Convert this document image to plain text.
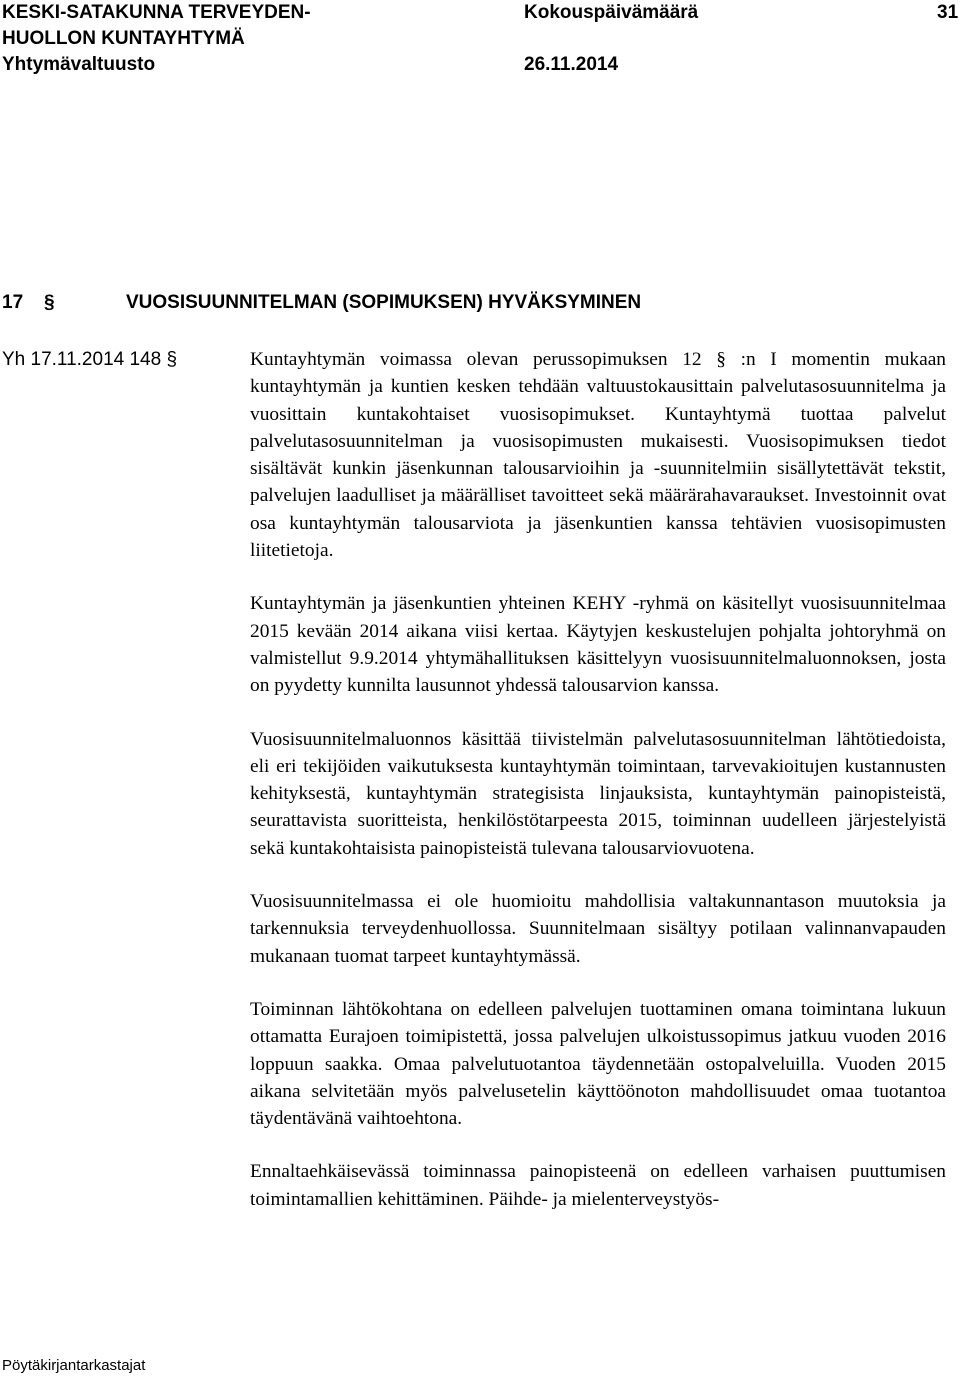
KESKI-SATAKUNNA TERVEYDEN-
HUOLLON KUNTAYHTYMÄ
Yhtymävaltuusto
Kokouspäivämäärä
26.11.2014
31
17 §	VUOSISUUNNITELMAN (SOPIMUKSEN) HYVÄKSYMINEN
Yh 17.11.2014 148 §	Kuntayhtymän voimassa olevan perussopimuksen 12 § :n I momentin mukaan kuntayhtymän ja kuntien kesken tehdään valtuustokausittain palvelutasosuunnitelma ja vuosittain kuntakohtaiset vuosisopimukset. Kuntayhtymä tuottaa palvelut palvelutasosuunnitelman ja vuosisopimusten mukaisesti. Vuosisopimuksen tiedot sisältävät kunkin jäsenkunnan talousarvioihin ja -suunnitelmiin sisällytettävät tekstit, palvelujen laadulliset ja määrälliset tavoitteet sekä määrärahavaraukset. Investoinnit ovat osa kuntayhtymän talousarviota ja jäsenkuntien kanssa tehtävien vuosisopimusten liitetietoja.

Kuntayhtymän ja jäsenkuntien yhteinen KEHY -ryhmä on käsitellyt vuosisuunnitelmaa 2015 kevään 2014 aikana viisi kertaa. Käytyjen keskustelujen pohjalta johtoryhmä on valmistellut 9.9.2014 yhtymähallituksen käsittelyyn vuosisuunnitelmaluonnoksen, josta on pyydetty kunnilta lausunnot yhdessä talousarvion kanssa.

Vuosisuunnitelmaluonnos käsittää tiivistelmän palvelutasosuunnitelman lähtötiedoista, eli eri tekijöiden vaikutuksesta kuntayhtymän toimintaan, tarvevakioitujen kustannusten kehityksestä, kuntayhtymän strategisista linjauksista, kuntayhtymän painopisteistä, seurattavista suoritteista, henkilöstötarpeesta 2015, toiminnan uudelleen järjestelyistä sekä kuntakohtaisista painopisteistä tulevana talousarviovuotena.

Vuosisuunnitelmassa ei ole huomioitu mahdollisia valtakunnantason muutoksia ja tarkennuksia terveydenhuollossa. Suunnitelmaan sisältyy potilaan valinnanvapauden mukanaan tuomat tarpeet kuntayhtymässä.

Toiminnan lähtökohtana on edelleen palvelujen tuottaminen omana toimintana lukuun ottamatta Eurajoen toimipistettä, jossa palvelujen ulkoistussopimus jatkuu vuoden 2016 loppuun saakka. Omaa palvelutuotantoa täydennetään ostopalveluilla. Vuoden 2015 aikana selvitetään myös palvelusetelin käyttöönoton mahdollisuudet omaa tuotantoa täydentävänä vaihtoehtona.

Ennaltaehkäisevässä toiminnassa painopisteenä on edelleen varhaisen puuttumisen toimintamallien kehittäminen. Päihde- ja mielenterveystyös-

Pöytäkirjantarkastajat
